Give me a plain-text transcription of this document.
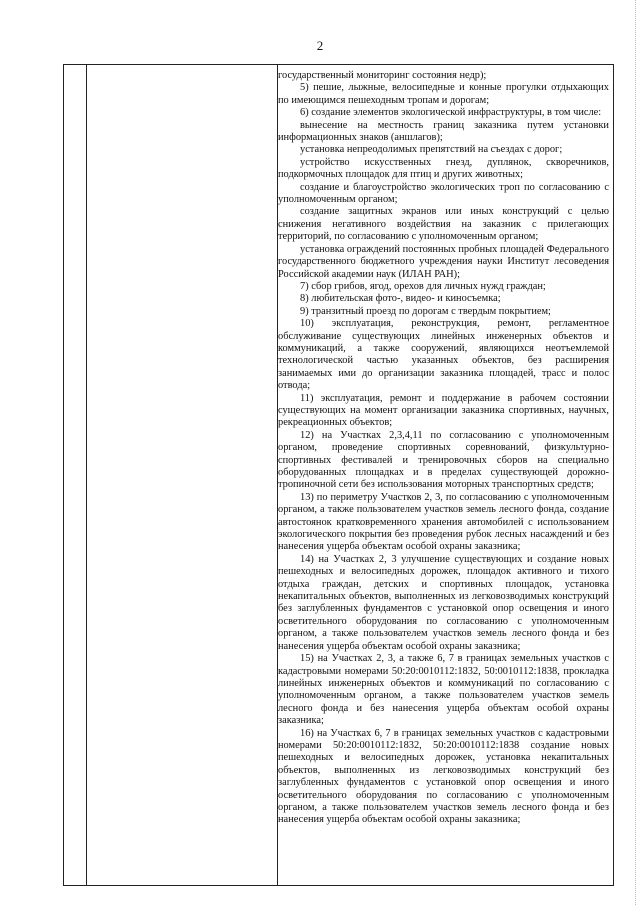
2

государственный мониторинг состояния недр);

5) пешие, лыжные, велосипедные и конные прогулки отдыхающих по имеющимся пешеходным тропам и дорогам;

6) создание элементов экологической инфраструктуры, в том числе:

вынесение на местность границ заказника путем установки информационных знаков (аншлагов);

установка непреодолимых препятствий на съездах с дорог;

устройство искусственных гнезд, дуплянок, скворечников, подкормочных площадок для птиц и других животных;

создание и благоустройство экологических троп по согласованию с уполномоченным органом;

создание защитных экранов или иных конструкций с целью снижения негативного воздействия на заказник с прилегающих территорий, по согласованию с уполномоченным органом;

установка ограждений постоянных пробных площадей Федерального государственного бюджетного учреждения науки Институт лесоведения Российской академии наук (ИЛАН РАН);

7) сбор грибов, ягод, орехов для личных нужд граждан;

8) любительская фото-, видео- и киносъемка;

9) транзитный проезд по дорогам с твердым покрытием;

10) эксплуатация, реконструкция, ремонт, регламентное обслуживание существующих линейных инженерных объектов и коммуникаций, а также сооружений, являющихся неотъемлемой технологической частью указанных объектов, без расширения занимаемых ими до организации заказника площадей, трасс и полос отвода;

11) эксплуатация, ремонт и поддержание в рабочем состоянии существующих на момент организации заказника спортивных, научных, рекреационных объектов;

12) на Участках 2,3,4,11 по согласованию с уполномоченным органом, проведение спортивных соревнований, физкультурно-спортивных фестивалей и тренировочных сборов на специально оборудованных площадках и в пределах существующей дорожно-тропиночной сети без использования моторных транспортных средств;

13) по периметру Участков 2, 3, по согласованию с уполномоченным органом, а также пользователем участков земель лесного фонда, создание автостоянок кратковременного хранения автомобилей с использованием экологического покрытия без проведения рубок лесных насаждений и без нанесения ущерба объектам особой охраны заказника;

14) на Участках 2, 3 улучшение существующих и создание новых пешеходных и велосипедных дорожек, площадок активного и тихого отдыха граждан, детских и спортивных площадок, установка некапитальных объектов, выполненных из легковозводимых конструкций без заглубленных фундаментов с установкой опор освещения и иного осветительного оборудования по согласованию с уполномоченным органом, а также пользователем участков земель лесного фонда и без нанесения ущерба объектам особой охраны заказника;

15) на Участках 2, 3, а также 6, 7 в границах земельных участков с кадастровыми номерами 50:20:0010112:1832, 50:0010112:1838, прокладка линейных инженерных объектов и коммуникаций по согласованию с уполномоченным органом, а также пользователем участков земель лесного фонда и без нанесения ущерба объектам особой охраны заказника;

16) на Участках 6, 7 в границах земельных участков с кадастровыми номерами 50:20:0010112:1832, 50:20:0010112:1838 создание новых пешеходных и велосипедных дорожек, установка некапитальных объектов, выполненных из легковозводимых конструкций без заглубленных фундаментов с установкой опор освещения и иного осветительного оборудования по согласованию с уполномоченным органом, а также пользователем участков земель лесного фонда и без нанесения ущерба объектам особой охраны заказника;
